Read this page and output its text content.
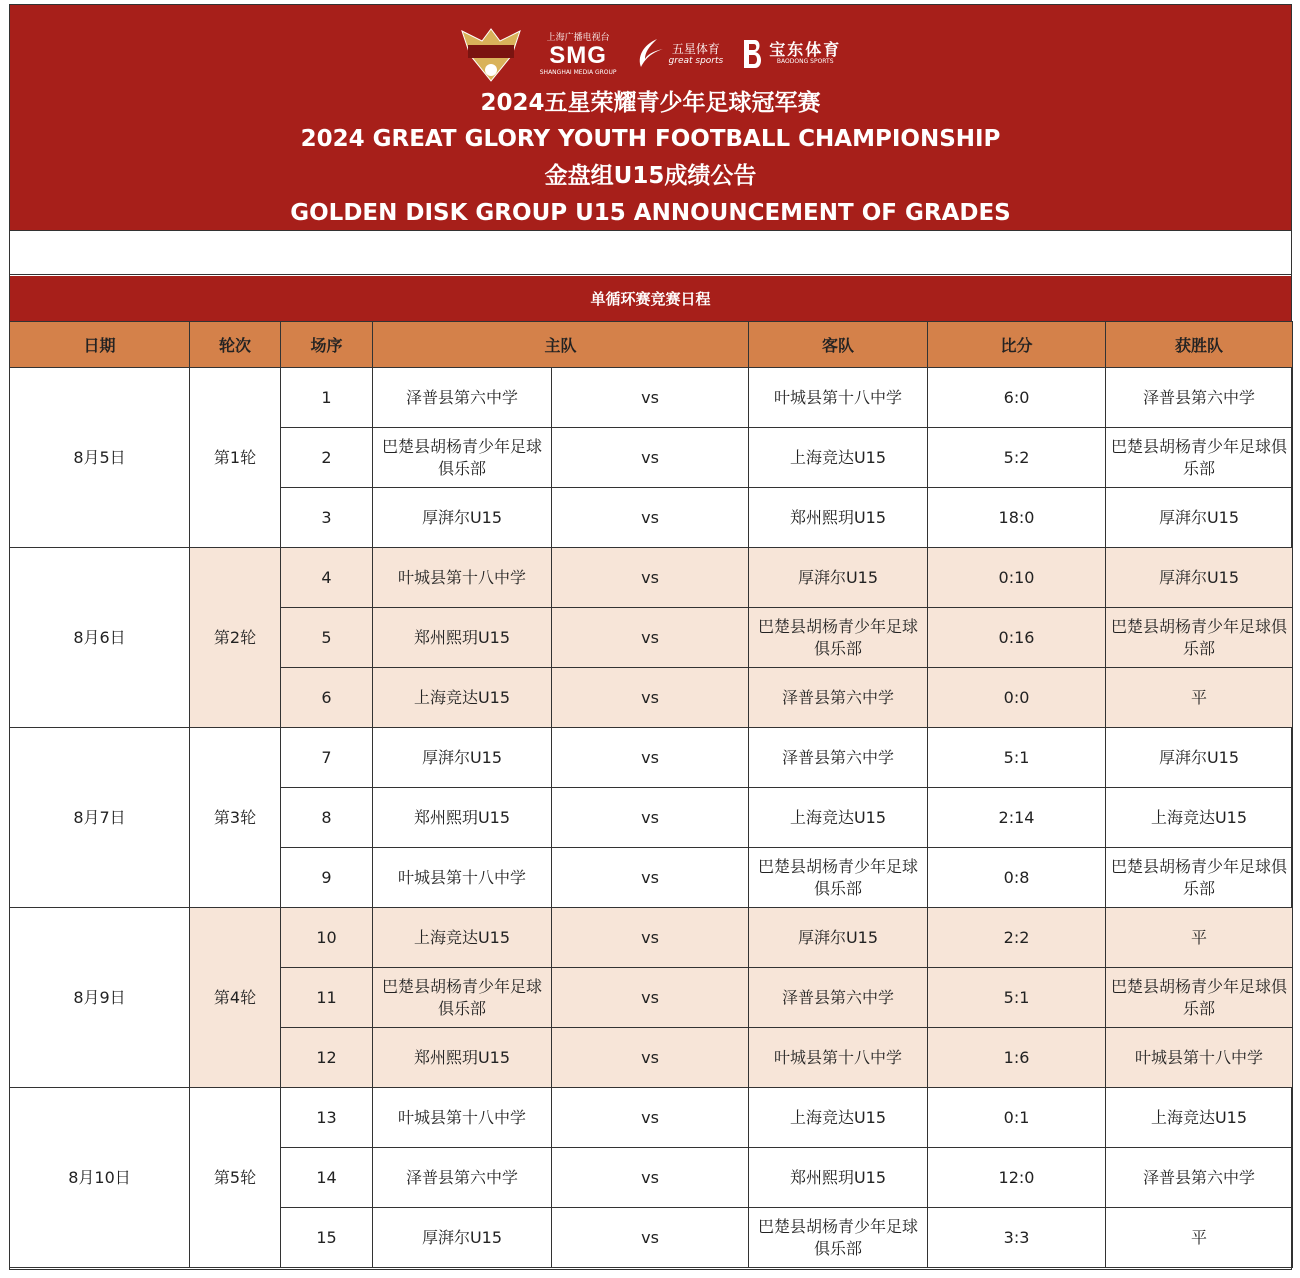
上海广播电视台
SMG
SHANGHAI MEDIA GROUP
五星体育
great sports
宝东体育
BAODONG SPORTS
2024五星荣耀青少年足球冠军赛
2024 GREAT GLORY YOUTH FOOTBALL CHAMPIONSHIP
金盘组U15成绩公告
GOLDEN DISK GROUP U15 ANNOUNCEMENT OF GRADES
单循环赛竞赛日程
日期	轮次	场序	主队		客队	比分	获胜队
8月5日	第1轮	1	泽普县第六中学	vs	叶城县第十八中学	6:0	泽普县第六中学
		2	巴楚县胡杨青少年足球俱乐部	vs	上海竞达U15	5:2	巴楚县胡杨青少年足球俱乐部
		3	厚湃尔U15	vs	郑州熙玥U15	18:0	厚湃尔U15
8月6日	第2轮	4	叶城县第十八中学	vs	厚湃尔U15	0:10	厚湃尔U15
		5	郑州熙玥U15	vs	巴楚县胡杨青少年足球俱乐部	0:16	巴楚县胡杨青少年足球俱乐部
		6	上海竞达U15	vs	泽普县第六中学	0:0	平
8月7日	第3轮	7	厚湃尔U15	vs	泽普县第六中学	5:1	厚湃尔U15
		8	郑州熙玥U15	vs	上海竞达U15	2:14	上海竞达U15
		9	叶城县第十八中学	vs	巴楚县胡杨青少年足球俱乐部	0:8	巴楚县胡杨青少年足球俱乐部
8月9日	第4轮	10	上海竞达U15	vs	厚湃尔U15	2:2	平
		11	巴楚县胡杨青少年足球俱乐部	vs	泽普县第六中学	5:1	巴楚县胡杨青少年足球俱乐部
		12	郑州熙玥U15	vs	叶城县第十八中学	1:6	叶城县第十八中学
8月10日	第5轮	13	叶城县第十八中学	vs	上海竞达U15	0:1	上海竞达U15
		14	泽普县第六中学	vs	郑州熙玥U15	12:0	泽普县第六中学
		15	厚湃尔U15	vs	巴楚县胡杨青少年足球俱乐部	3:3	平
